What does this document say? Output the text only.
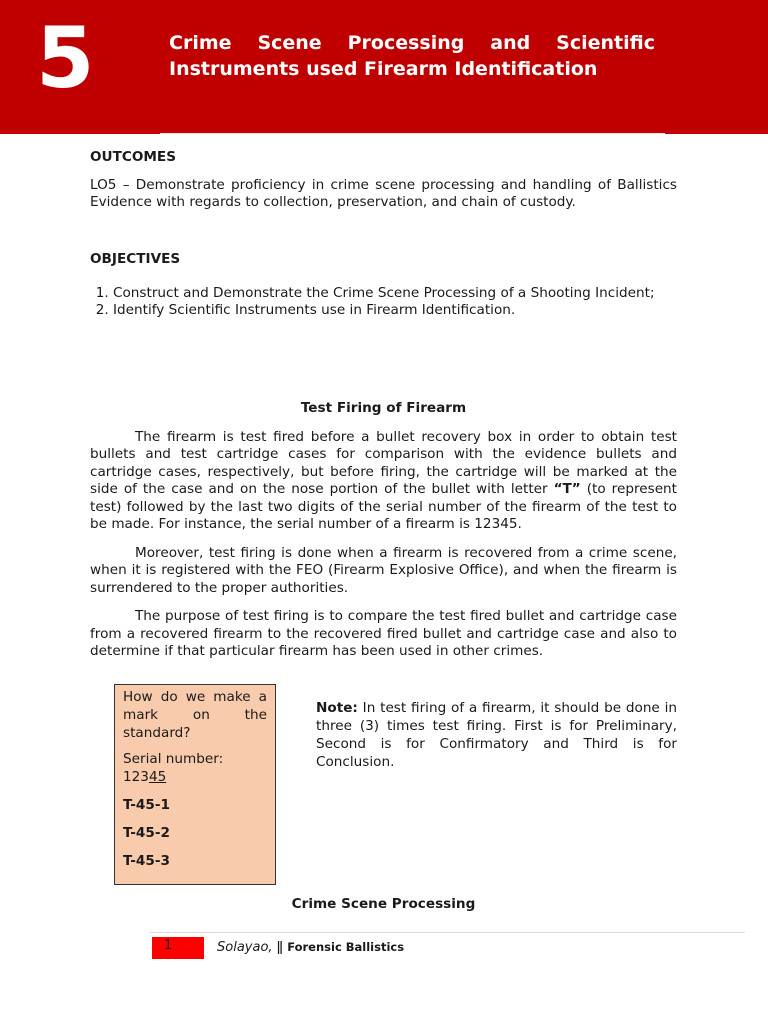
5	Crime Scene Processing and Scientific
Instruments used Firearm Identification
OUTCOMES

LO5 – Demonstrate proficiency in crime scene processing and handling of Ballistics Evidence with regards to collection, preservation, and chain of custody.

OBJECTIVES
1. Construct and Demonstrate the Crime Scene Processing of a Shooting Incident;
2. Identify Scientific Instruments use in Firearm Identification.
Test Firing of Firearm

The firearm is test fired before a bullet recovery box in order to obtain test bullets and test cartridge cases for comparison with the evidence bullets and cartridge cases, respectively, but before firing, the cartridge will be marked at the side of the case and on the nose portion of the bullet with letter “T” (to represent test) followed by the last two digits of the serial number of the firearm of the test to be made. For instance, the serial number of a firearm is 12345.

Moreover, test firing is done when a firearm is recovered from a crime scene, when it is registered with the FEO (Firearm Explosive Office), and when the firearm is surrendered to the proper authorities.

The purpose of test firing is to compare the test fired bullet and cartridge case from a recovered firearm to the recovered fired bullet and cartridge case and also to determine if that particular firearm has been used in other crimes.

How do we make a mark on the standard?

Serial number:
12345

T-45-1

T-45-2

T-45-3

Note: In test firing of a firearm, it should be done in three (3) times test firing. First is for Preliminary, Second is for Confirmatory and Third is for Conclusion.
Crime Scene Processing
1	Solayao, ǁ Forensic Ballistics
